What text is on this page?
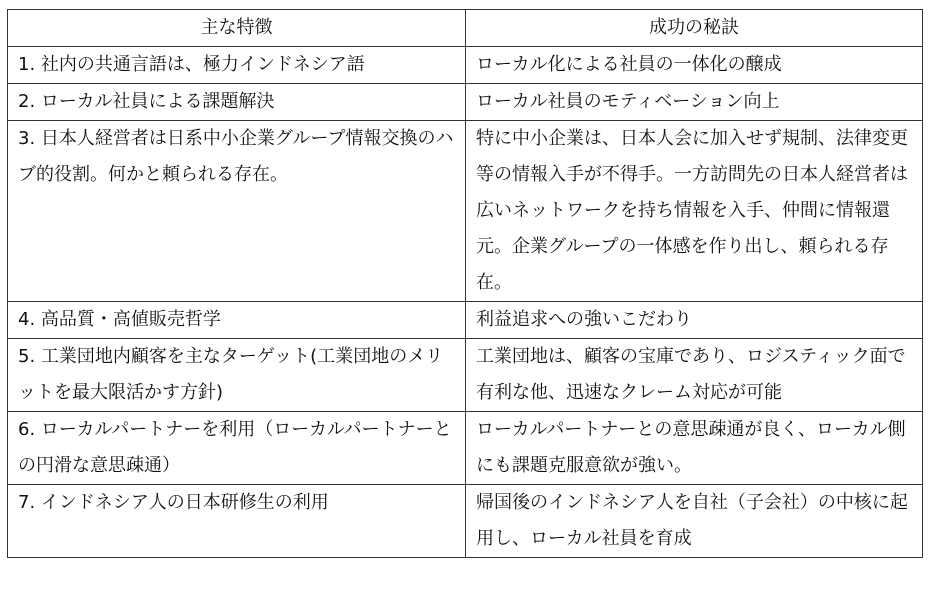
主な特徴	成功の秘訣
1. 社内の共通言語は、極力インドネシア語	ローカル化による社員の一体化の醸成
2. ローカル社員による課題解決	ローカル社員のモティベーション向上
3. 日本人経営者は日系中小企業グループ情報交換のハブ的役割。何かと頼られる存在。	特に中小企業は、日本人会に加入せず規制、法律変更等の情報入手が不得手。一方訪問先の日本人経営者は広いネットワークを持ち情報を入手、仲間に情報還元。企業グループの一体感を作り出し、頼られる存在。
4. 高品質・高値販売哲学	利益追求への強いこだわり
5. 工業団地内顧客を主なターゲット(工業団地のメリットを最大限活かす方針)	工業団地は、顧客の宝庫であり、ロジスティック面で有利な他、迅速なクレーム対応が可能
6. ローカルパートナーを利用（ローカルパートナーとの円滑な意思疎通）	ローカルパートナーとの意思疎通が良く、ローカル側にも課題克服意欲が強い。
7. インドネシア人の日本研修生の利用	帰国後のインドネシア人を自社（子会社）の中核に起用し、ローカル社員を育成
